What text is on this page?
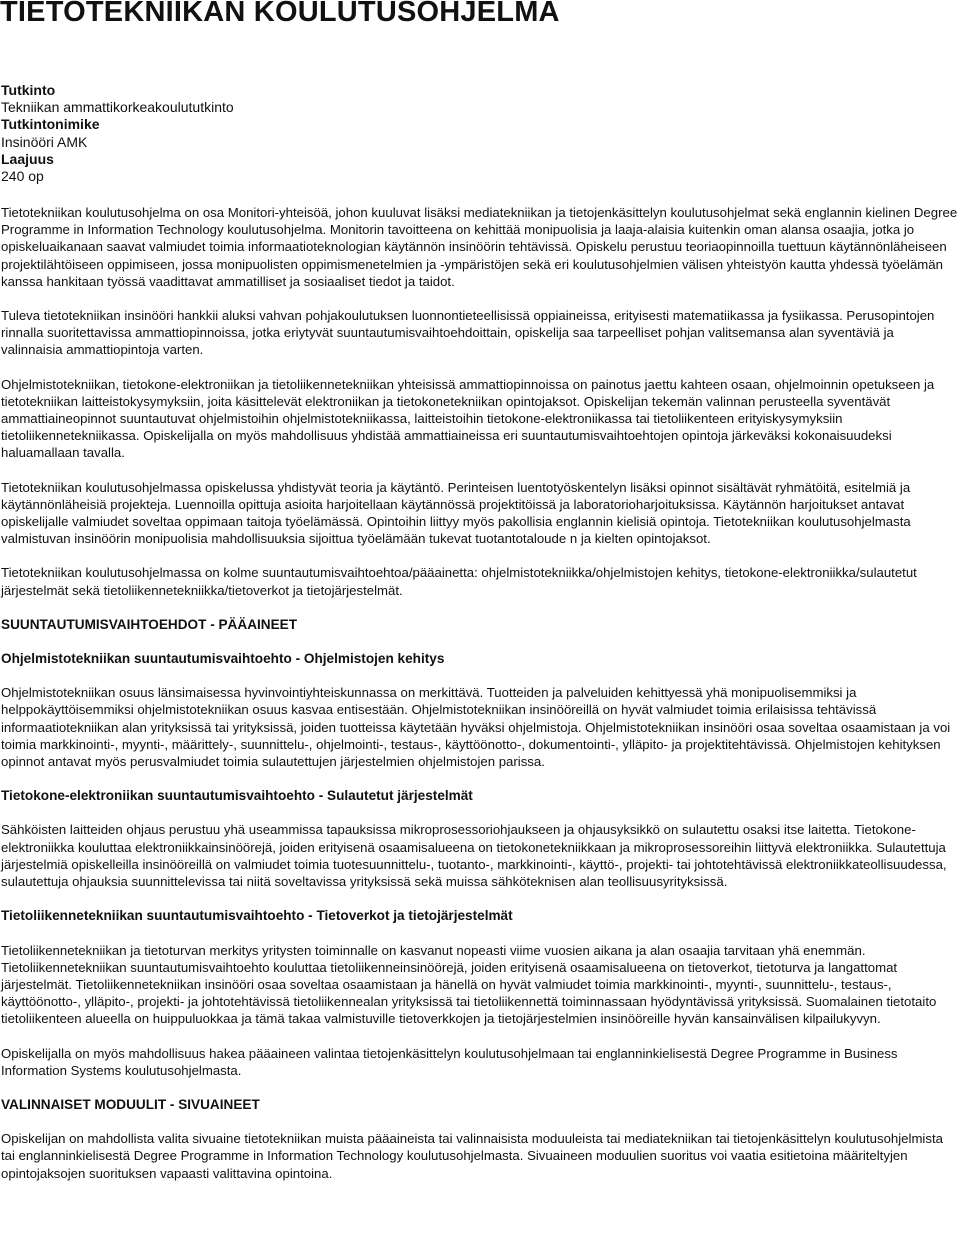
TIETOTEKNIIKAN KOULUTUSOHJELMA
Tutkinto
Tekniikan ammattikorkeakoulututkinto
Tutkintonimike
Insinööri AMK
Laajuus
240 op

Tietotekniikan koulutusohjelma on osa Monitori-yhteisöä, johon kuuluvat lisäksi mediatekniikan ja tietojenkäsittelyn koulutusohjelmat sekä englannin kielinen Degree Programme in Information Technology koulutusohjelma. Monitorin tavoitteena on kehittää monipuolisia ja laaja-alaisia kuitenkin oman alansa osaajia, jotka jo opiskeluaikanaan saavat valmiudet toimia informaatioteknologian käytännön insinöörin tehtävissä. Opiskelu perustuu teoriaopinnoilla tuettuun käytännönläheiseen projektilähtöiseen oppimiseen, jossa monipuolisten oppimismenetelmien ja -ympäristöjen sekä eri koulutusohjelmien välisen yhteistyön kautta yhdessä työelämän kanssa hankitaan työssä vaadittavat ammatilliset ja sosiaaliset tiedot ja taidot.

Tuleva tietotekniikan insinööri hankkii aluksi vahvan pohjakoulutuksen luonnontieteellisissä oppiaineissa, erityisesti matematiikassa ja fysiikassa. Perusopintojen rinnalla suoritettavissa ammattiopinnoissa, jotka eriytyvät suuntautumisvaihtoehdoittain, opiskelija saa tarpeelliset pohjan valitsemansa alan syventäviä ja valinnaisia ammattiopintoja varten.

Ohjelmistotekniikan, tietokone-elektroniikan ja tietoliikennetekniikan yhteisissä ammattiopinnoissa on painotus jaettu kahteen osaan, ohjelmoinnin opetukseen ja tietotekniikan laitteistokysymyksiin, joita käsittelevät elektroniikan ja tietokonetekniikan opintojaksot. Opiskelijan tekemän valinnan perusteella syventävät ammattiaineopinnot suuntautuvat ohjelmistoihin ohjelmistotekniikassa, laitteistoihin tietokone-elektroniikassa tai tietoliikenteen erityiskysymyksiin tietoliikennetekniikassa. Opiskelijalla on myös mahdollisuus yhdistää ammattiaineissa eri suuntautumisvaihtoehtojen opintoja järkeväksi kokonaisuudeksi haluamallaan tavalla.

Tietotekniikan koulutusohjelmassa opiskelussa yhdistyvät teoria ja käytäntö. Perinteisen luentotyöskentelyn lisäksi opinnot sisältävät ryhmätöitä, esitelmiä ja käytännönläheisiä projekteja. Luennoilla opittuja asioita harjoitellaan käytännössä projektitöissä ja laboratorioharjoituksissa. Käytännön harjoitukset antavat opiskelijalle valmiudet soveltaa oppimaan taitoja työelämässä. Opintoihin liittyy myös pakollisia englannin kielisiä opintoja. Tietotekniikan koulutusohjelmasta valmistuvan insinöörin monipuolisia mahdollisuuksia sijoittua työelämään tukevat tuotantotaloude n ja kielten opintojaksot.

Tietotekniikan koulutusohjelmassa on kolme suuntautumisvaihtoehtoa/pääainetta: ohjelmistotekniikka/ohjelmistojen kehitys, tietokone-elektroniikka/sulautetut järjestelmät sekä tietoliikennetekniikka/tietoverkot ja tietojärjestelmät.

SUUNTAUTUMISVAIHTOEHDOT - PÄÄAINEET
Ohjelmistotekniikan suuntautumisvaihtoehto - Ohjelmistojen kehitys

Ohjelmistotekniikan osuus länsimaisessa hyvinvointiyhteiskunnassa on merkittävä. Tuotteiden ja palveluiden kehittyessä yhä monipuolisemmiksi ja helppokäyttöisemmiksi ohjelmistotekniikan osuus kasvaa entisestään. Ohjelmistotekniikan insinööreillä on hyvät valmiudet toimia erilaisissa tehtävissä informaatiotekniikan alan yrityksissä tai yrityksissä, joiden tuotteissa käytetään hyväksi ohjelmistoja. Ohjelmistotekniikan insinööri osaa soveltaa osaamistaan ja voi toimia markkinointi-, myynti-, määrittely-, suunnittelu-, ohjelmointi-, testaus-, käyttöönotto-, dokumentointi-, ylläpito- ja projektitehtävissä. Ohjelmistojen kehityksen opinnot antavat myös perusvalmiudet toimia sulautettujen järjestelmien ohjelmistojen parissa.

Tietokone-elektroniikan suuntautumisvaihtoehto - Sulautetut järjestelmät

Sähköisten laitteiden ohjaus perustuu yhä useammissa tapauksissa mikroprosessoriohjaukseen ja ohjausyksikkö on sulautettu osaksi itse laitetta. Tietokone-elektroniikka kouluttaa elektroniikkainsinöörejä, joiden erityisenä osaamisalueena on tietokonetekniikkaan ja mikroprosessoreihin liittyvä elektroniikka. Sulautettuja järjestelmiä opiskelleilla insinööreillä on valmiudet toimia tuotesuunnittelu-, tuotanto-, markkinointi-, käyttö-, projekti- tai johtotehtävissä elektroniikkateollisuudessa, sulautettuja ohjauksia suunnittelevissa tai niitä soveltavissa yrityksissä sekä muissa sähköteknisen alan teollisuusyrityksissä.

Tietoliikennetekniikan suuntautumisvaihtoehto - Tietoverkot ja tietojärjestelmät

Tietoliikennetekniikan ja tietoturvan merkitys yritysten toiminnalle on kasvanut nopeasti viime vuosien aikana ja alan osaajia tarvitaan yhä enemmän. Tietoliikennetekniikan suuntautumisvaihtoehto kouluttaa tietoliikenneinsinöörejä, joiden erityisenä osaamisalueena on tietoverkot, tietoturva ja langattomat järjestelmät. Tietoliikennetekniikan insinööri osaa soveltaa osaamistaan ja hänellä on hyvät valmiudet toimia markkinointi-, myynti-, suunnittelu-, testaus-, käyttöönotto-, ylläpito-, projekti- ja johtotehtävissä tietoliikennealan yrityksissä tai tietoliikennettä toiminnassaan hyödyntävissä yrityksissä. Suomalainen tietotaito tietoliikenteen alueella on huippuluokkaa ja tämä takaa valmistuville tietoverkkojen ja tietojärjestelmien insinööreille hyvän kansainvälisen kilpailukyvyn.

Opiskelijalla on myös mahdollisuus hakea pääaineen valintaa tietojenkäsittelyn koulutusohjelmaan tai englanninkielisestä Degree Programme in Business Information Systems koulutusohjelmasta.

VALINNAISET MODUULIT - SIVUAINEET

Opiskelijan on mahdollista valita sivuaine tietotekniikan muista pääaineista tai valinnaisista moduuleista tai mediatekniikan tai tietojenkäsittelyn koulutusohjelmista tai englanninkielisestä Degree Programme in Information Technology koulutusohjelmasta. Sivuaineen moduulien suoritus voi vaatia esitietoina määriteltyjen opintojaksojen suorituksen vapaasti valittavina opintoina.
